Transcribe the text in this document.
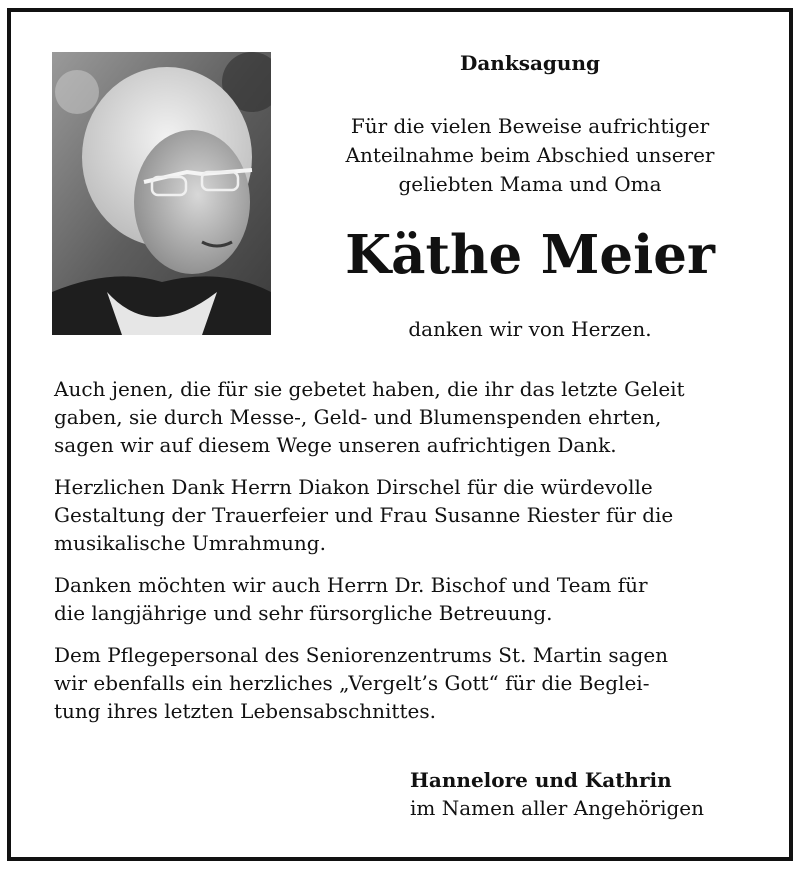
Danksagung
Für die vielen Beweise aufrichtiger
Anteilnahme beim Abschied unserer
geliebten Mama und Oma
Käthe Meier
danken wir von Herzen.

Auch jenen, die für sie gebetet haben, die ihr das letzte Geleit
gaben, sie durch Messe-, Geld- und Blumenspenden ehrten,
sagen wir auf diesem Wege unseren aufrichtigen Dank.

Herzlichen Dank Herrn Diakon Dirschel für die würdevolle
Gestaltung der Trauerfeier und Frau Susanne Riester für die
musikalische Umrahmung.

Danken möchten wir auch Herrn Dr. Bischof und Team für
die langjährige und sehr fürsorgliche Betreuung.

Dem Pflegepersonal des Seniorenzentrums St. Martin sagen
wir ebenfalls ein herzliches „Vergelt’s Gott“ für die Beglei-
tung ihres letzten Lebensabschnittes.

Hannelore und Kathrin
im Namen aller Angehörigen
